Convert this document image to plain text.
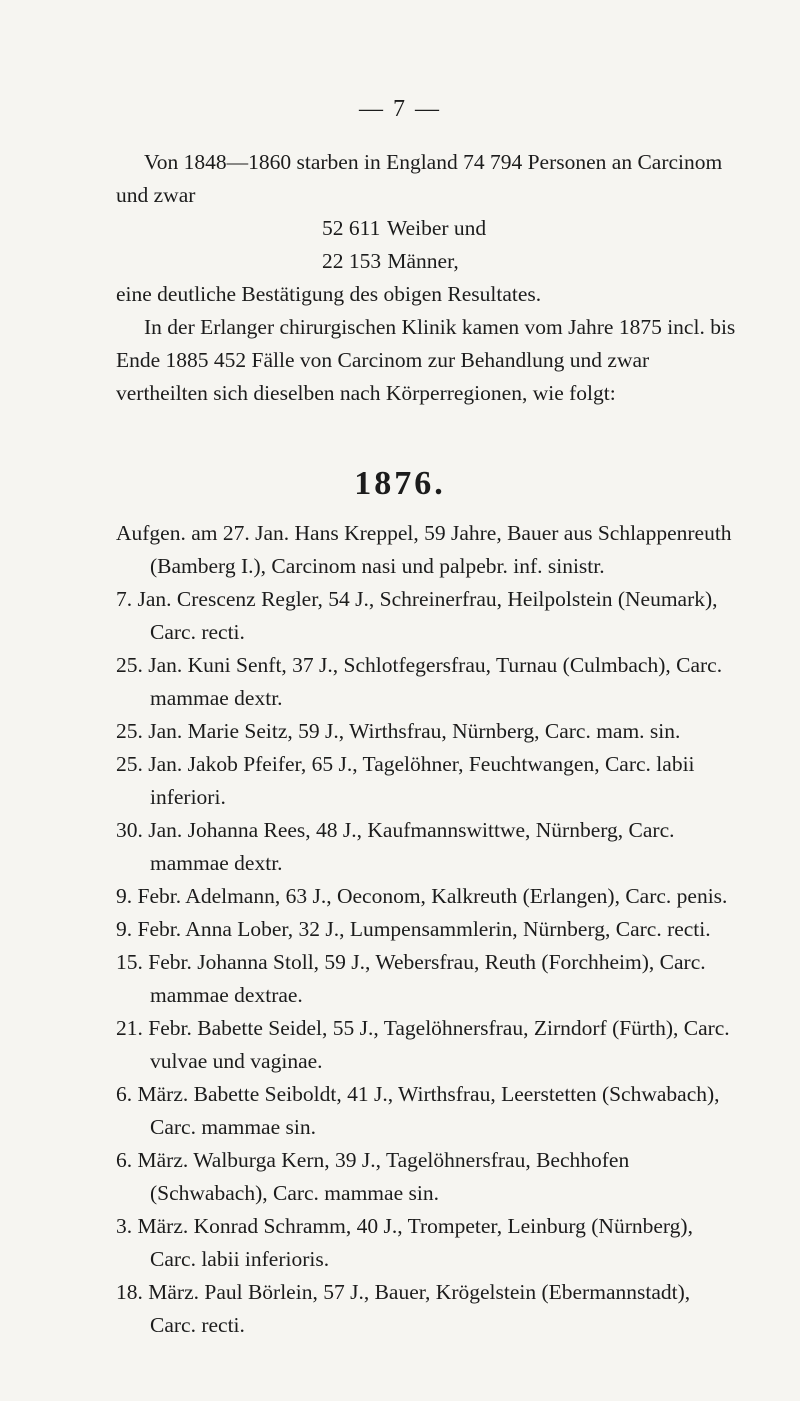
— 7 —

Von 1848—1860 starben in England 74 794 Personen an Carcinom und zwar

52 611 Weiber und
22 153 Männer,

eine deutliche Bestätigung des obigen Resultates.

In der Erlanger chirurgischen Klinik kamen vom Jahre 1875 incl. bis Ende 1885 452 Fälle von Carcinom zur Behandlung und zwar vertheilten sich dieselben nach Körperregionen, wie folgt:

1876.
Aufgen. am 27. Jan. Hans Kreppel, 59 Jahre, Bauer aus Schlappenreuth (Bamberg I.), Carcinom nasi und palpebr. inf. sinistr.
7. Jan. Crescenz Regler, 54 J., Schreinerfrau, Heilpolstein (Neumark), Carc. recti.
25. Jan. Kuni Senft, 37 J., Schlotfegersfrau, Turnau (Culmbach), Carc. mammae dextr.
25. Jan. Marie Seitz, 59 J., Wirthsfrau, Nürnberg, Carc. mam. sin.
25. Jan. Jakob Pfeifer, 65 J., Tagelöhner, Feuchtwangen, Carc. labii inferiori.
30. Jan. Johanna Rees, 48 J., Kaufmannswittwe, Nürnberg, Carc. mammae dextr.
9. Febr. Adelmann, 63 J., Oeconom, Kalkreuth (Erlangen), Carc. penis.
9. Febr. Anna Lober, 32 J., Lumpensammlerin, Nürnberg, Carc. recti.
15. Febr. Johanna Stoll, 59 J., Webersfrau, Reuth (Forchheim), Carc. mammae dextrae.
21. Febr. Babette Seidel, 55 J., Tagelöhnersfrau, Zirndorf (Fürth), Carc. vulvae und vaginae.
6. März. Babette Seiboldt, 41 J., Wirthsfrau, Leerstetten (Schwabach), Carc. mammae sin.
6. März. Walburga Kern, 39 J., Tagelöhnersfrau, Bechhofen (Schwabach), Carc. mammae sin.
3. März. Konrad Schramm, 40 J., Trompeter, Leinburg (Nürnberg), Carc. labii inferioris.
18. März. Paul Börlein, 57 J., Bauer, Krögelstein (Ebermannstadt), Carc. recti.
